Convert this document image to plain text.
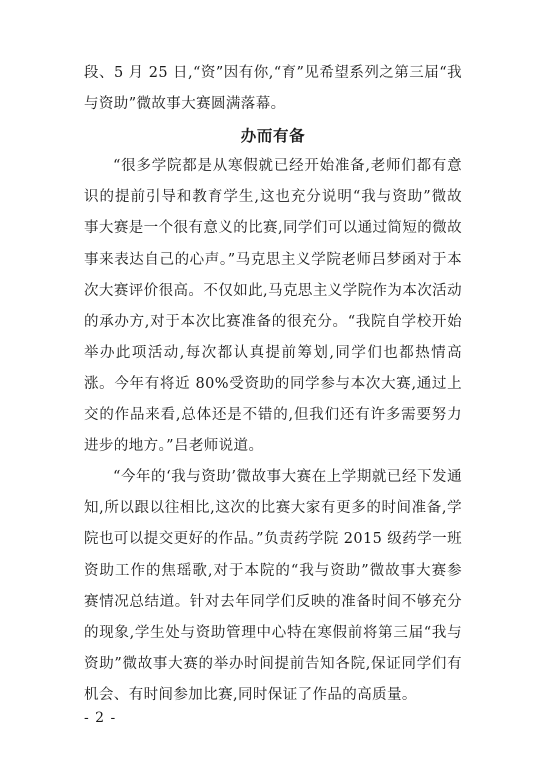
段、5 月 25 日,“资”因有你,“育”见希望系列之第三届“我与资助”微故事大赛圆满落幕。

办而有备

“很多学院都是从寒假就已经开始准备,老师们都有意识的提前引导和教育学生,这也充分说明“我与资助”微故事大赛是一个很有意义的比赛,同学们可以通过简短的微故事来表达自己的心声。”马克思主义学院老师吕梦函对于本次大赛评价很高。不仅如此,马克思主义学院作为本次活动的承办方,对于本次比赛准备的很充分。“我院自学校开始举办此项活动,每次都认真提前筹划,同学们也都热情高涨。今年有将近 80%受资助的同学参与本次大赛,通过上交的作品来看,总体还是不错的,但我们还有许多需要努力进步的地方。”吕老师说道。

“今年的‘我与资助’微故事大赛在上学期就已经下发通知,所以跟以往相比,这次的比赛大家有更多的时间准备,学院也可以提交更好的作品。”负责药学院 2015 级药学一班资助工作的焦瑶歌,对于本院的“我与资助”微故事大赛参赛情况总结道。针对去年同学们反映的准备时间不够充分的现象,学生处与资助管理中心特在寒假前将第三届“我与资助”微故事大赛的举办时间提前告知各院,保证同学们有机会、有时间参加比赛,同时保证了作品的高质量。

- 2 -
